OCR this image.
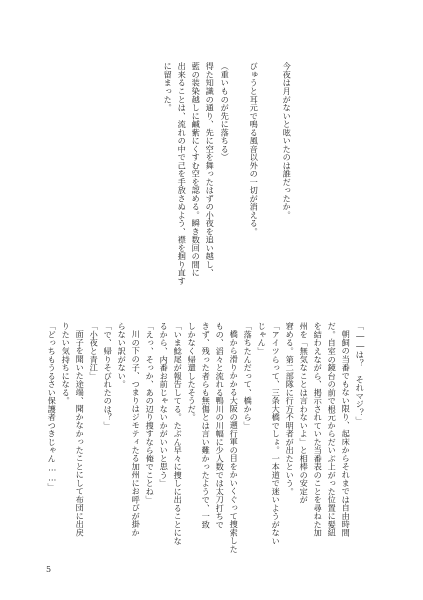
今夜は月がないと呟いたのは誰だったか。
びゅうと耳元で鳴る風音以外の一切が消える。
（重いものが先に落ちる）
得た知識の通り、先に空を舞ったはずの小夜を追い越し、
藍の装染越しに鹹紫にくすむ空を認める。瞬き数回の間に
出来ることは、流れの中で己を手放さぬよう、襟を掴り直す
に留まった。
「――は？　それマジ？」
朝飼の当番でもない限り、起床からそれまでは自由時間
だ。自室の鏡台の前で根元からだいぶ上がった位置に髪紐
を結わえながら、掲示されていた当番表のことを尋ねた加
州を「無気なことは言わないよ」と相棒の安定が
窘める。第二部隊に行方不明者が出たという。
「アイツらって、三条大橋でしょ。一本道で迷いようがない
じゃん」
「落ちたんだって、橋から」
橋から滑りかかる大阪の遡行軍の目をかいくぐって捜索した
もの、滔々と流れる鴨川の川幅に少人数では太刀打ちで
きず、残った者らも無傷とは言い難かったようで、一致
しかなく帰還したそうだ。
「いま鯰尾が報告してる。たぶん早々に捜しに出ることにな
るから、内番お前じゃないかがいいと思う」
「えっ、そっか、あの辺り捜すなら俺でことね」
川の下の子、つまりはジモティたる加州にお呼びが掛か
らない訳がない。
「で、帰りそびれたのは？」
「小夜と青江」
面子を聞いた途端、聞かなかったことにして布団に出戻
りたい気持ちになる。
「どっちもうるさい保護者つきじゃん……」
5
